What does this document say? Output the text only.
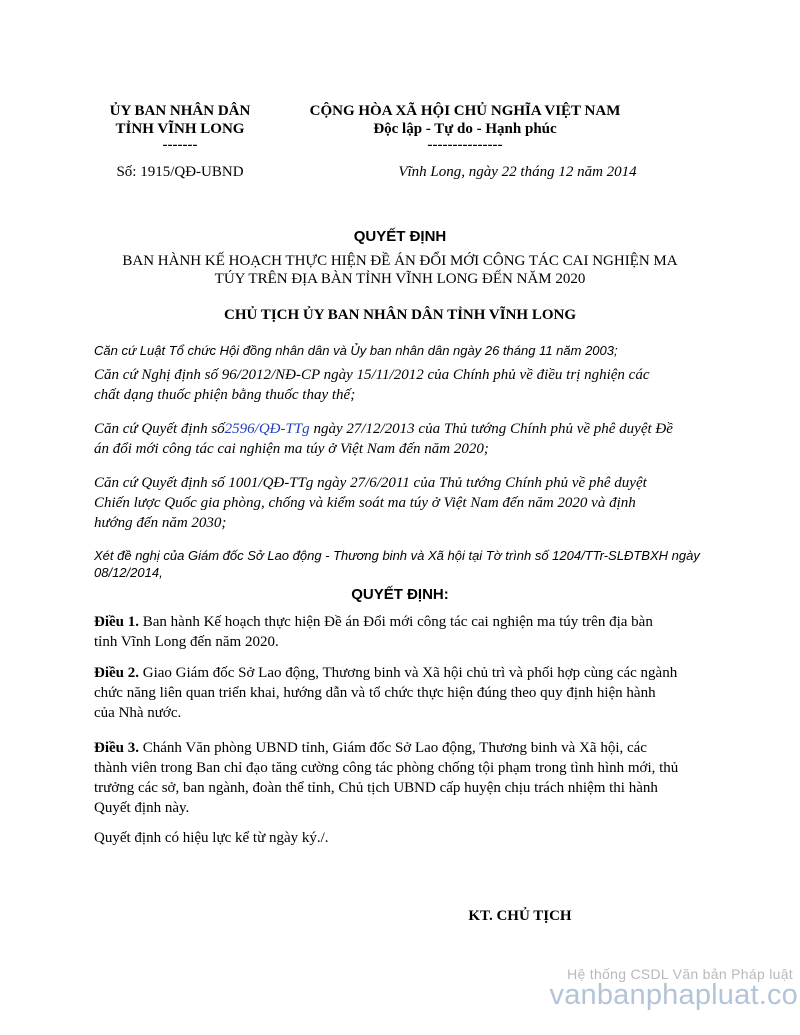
ỦY BAN NHÂN DÂN
TỈNH VĨNH LONG
-------
Số: 1915/QĐ-UBND
CỘNG HÒA XÃ HỘI CHỦ NGHĨA VIỆT NAM
Độc lập - Tự do - Hạnh phúc
---------------
Vĩnh Long, ngày 22 tháng 12 năm 2014
QUYẾT ĐỊNH
BAN HÀNH KẾ HOẠCH THỰC HIỆN ĐỀ ÁN ĐỔI MỚI CÔNG TÁC CAI NGHIỆN MA
TÚY TRÊN ĐỊA BÀN TỈNH VĨNH LONG ĐẾN NĂM 2020
CHỦ TỊCH ỦY BAN NHÂN DÂN TỈNH VĨNH LONG
Căn cứ Luật Tổ chức Hội đồng nhân dân và Ủy ban nhân dân ngày 26 tháng 11 năm 2003;
Căn cứ Nghị định số 96/2012/NĐ-CP ngày 15/11/2012 của Chính phủ về điều trị nghiện các
chất dạng thuốc phiện bằng thuốc thay thế;
Căn cứ Quyết định số2596/QĐ-TTg ngày 27/12/2013 của Thủ tướng Chính phủ về phê duyệt Đề
án đổi mới công tác cai nghiện ma túy ở Việt Nam đến năm 2020;
Căn cứ Quyết định số 1001/QĐ-TTg ngày 27/6/2011 của Thủ tướng Chính phủ về phê duyệt
Chiến lược Quốc gia phòng, chống và kiểm soát ma túy ở Việt Nam đến năm 2020 và định
hướng đến năm 2030;
Xét đề nghị của Giám đốc Sở Lao động - Thương binh và Xã hội tại Tờ trình số 1204/TTr-SLĐTBXH ngày
08/12/2014,
QUYẾT ĐỊNH:
Điều 1. Ban hành Kế hoạch thực hiện Đề án Đổi mới công tác cai nghiện ma túy trên địa bàn
tỉnh Vĩnh Long đến năm 2020.
Điều 2. Giao Giám đốc Sở Lao động, Thương binh và Xã hội chủ trì và phối hợp cùng các ngành
chức năng liên quan triển khai, hướng dẫn và tổ chức thực hiện đúng theo quy định hiện hành
của Nhà nước.
Điều 3. Chánh Văn phòng UBND tỉnh, Giám đốc Sở Lao động, Thương binh và Xã hội, các
thành viên trong Ban chỉ đạo tăng cường công tác phòng chống tội phạm trong tình hình mới, thủ
trưởng các sở, ban ngành, đoàn thể tỉnh, Chủ tịch UBND cấp huyện chịu trách nhiệm thi hành
Quyết định này.
Quyết định có hiệu lực kể từ ngày ký./.
KT. CHỦ TỊCH
Hệ thống CSDL Văn bản Pháp luật
vanbanphapluat.co
